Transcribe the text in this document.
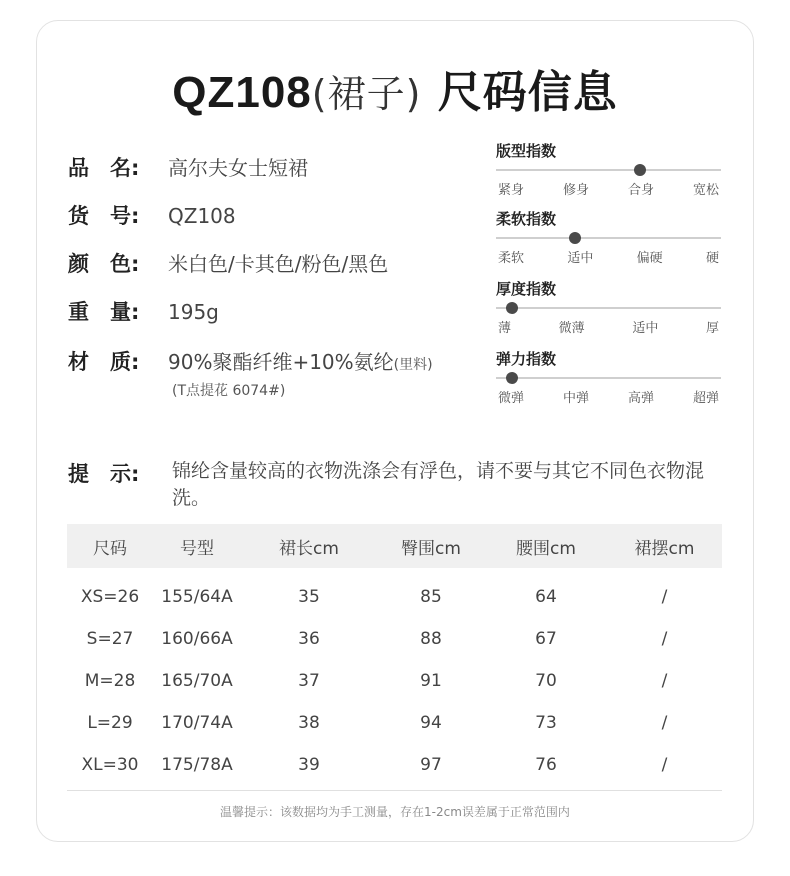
QZ108(裙子) 尺码信息
品　名:	高尔夫女士短裙
货　号:	QZ108
颜　色:	米白色/卡其色/粉色/黑色
重　量:	195g
材　质:	90%聚酯纤维+10%氨纶(里料)
(T点提花 6074#)
版型指数
紧身	修身	合身	宽松
柔软指数
柔软	适中	偏硬	硬
厚度指数
薄	微薄	适中	厚
弹力指数
微弹	中弹	高弹	超弹
提　示:	锦纶含量较高的衣物洗涤会有浮色，请不要与其它不同色衣物混洗。
尺码	号型	裙长cm	臀围cm	腰围cm	裙摆cm
XS=26	155/64A	35	85	64	/
S=27	160/66A	36	88	67	/
M=28	165/70A	37	91	70	/
L=29	170/74A	38	94	73	/
XL=30	175/78A	39	97	76	/
温馨提示：该数据均为手工测量，存在1-2cm误差属于正常范围内
